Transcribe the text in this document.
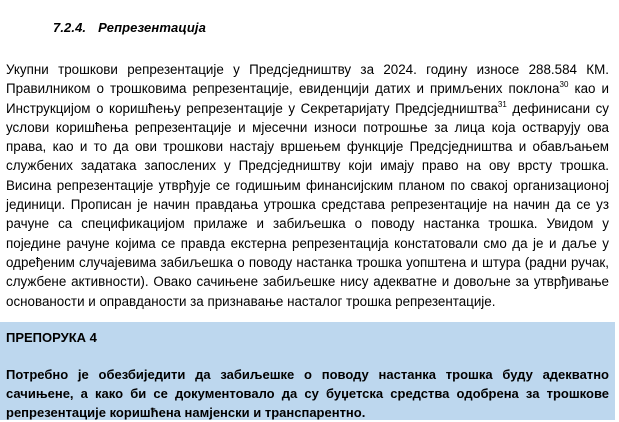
7.2.4. Репрезентација
Укупни трошкови репрезентације у Предсједништву за 2024. годину износе 288.584 КМ. Правилником о трошковима репрезентације, евиденцији датих и примљених поклона$^{30}$ као и Инструкцијом о коришћењу репрезентације у Секретаријату Предсједништва$^{31}$ дефинисани су услови коришћења репрезентације и мјесечни износи потрошње за лица која остварују ова права, као и то да ови трошкови настају вршењем функције Предсједништва и обављањем службених задатака запослених у Предсједништву који имају право на ову врсту трошка. Висина репрезентације утврђује се годишњим финансијским планом по свакој организационој јединици. Прописан је начин правдања утрошка средстава репрезентације на начин да се уз рачуне са спецификацијом прилаже и забиљешка о поводу настанка трошка. Увидом у поједине рачуне којима се правда екстерна репрезентација констатовали смо да је и даље у одређеним случајевима забиљешка о поводу настанка трошка уопштена и штура (радни ручак, службене активности). Овако сачињене забиљешке нису адекватне и довољне за утврђивање основаности и оправданости за признавање насталог трошка репрезентације.
ПРЕПОРУКА 4
Потребно је обезбиједити да забиљешке о поводу настанка трошка буду адекватно сачињене, а како би се документовало да су буџетска средства одобрена за трошкове репрезентације коришћена намјенски и транспарентно.
